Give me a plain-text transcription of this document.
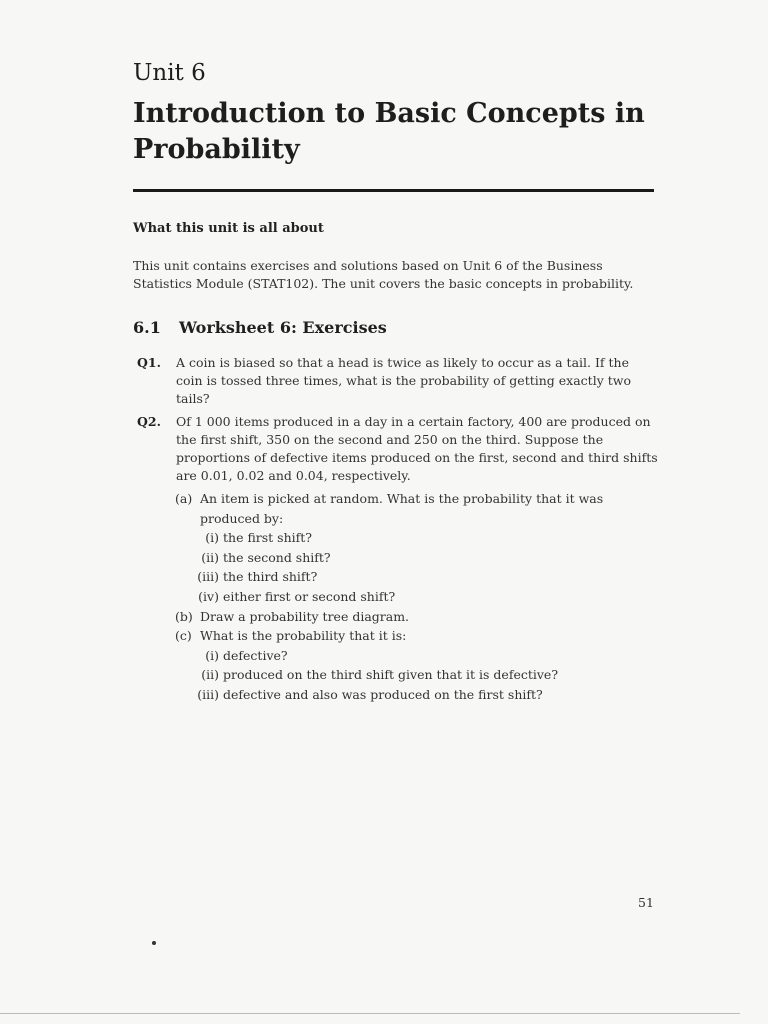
Unit 6
Introduction to Basic Concepts in Probability
What this unit is all about

This unit contains exercises and solutions based on Unit 6 of the Business Statistics Module (STAT102). The unit covers the basic concepts in probability.

6.1 Worksheet 6: Exercises
Q1. A coin is biased so that a head is twice as likely to occur as a tail. If the coin is tossed three times, what is the probability of getting exactly two tails?

Q2. Of 1 000 items produced in a day in a certain factory, 400 are produced on the first shift, 350 on the second and 250 on the third. Suppose the proportions of defective items produced on the first, second and third shifts are 0.01, 0.02 and 0.04, respectively.

(a) An item is picked at random. What is the probability that it was produced by:

(i) the first shift?
(ii) the second shift?
(iii) the third shift?
(iv) either first or second shift?
(b) Draw a probability tree diagram.

(c) What is the probability that it is:

(i) defective?
(ii) produced on the third shift given that it is defective?
(iii) defective and also was produced on the first shift?
51
